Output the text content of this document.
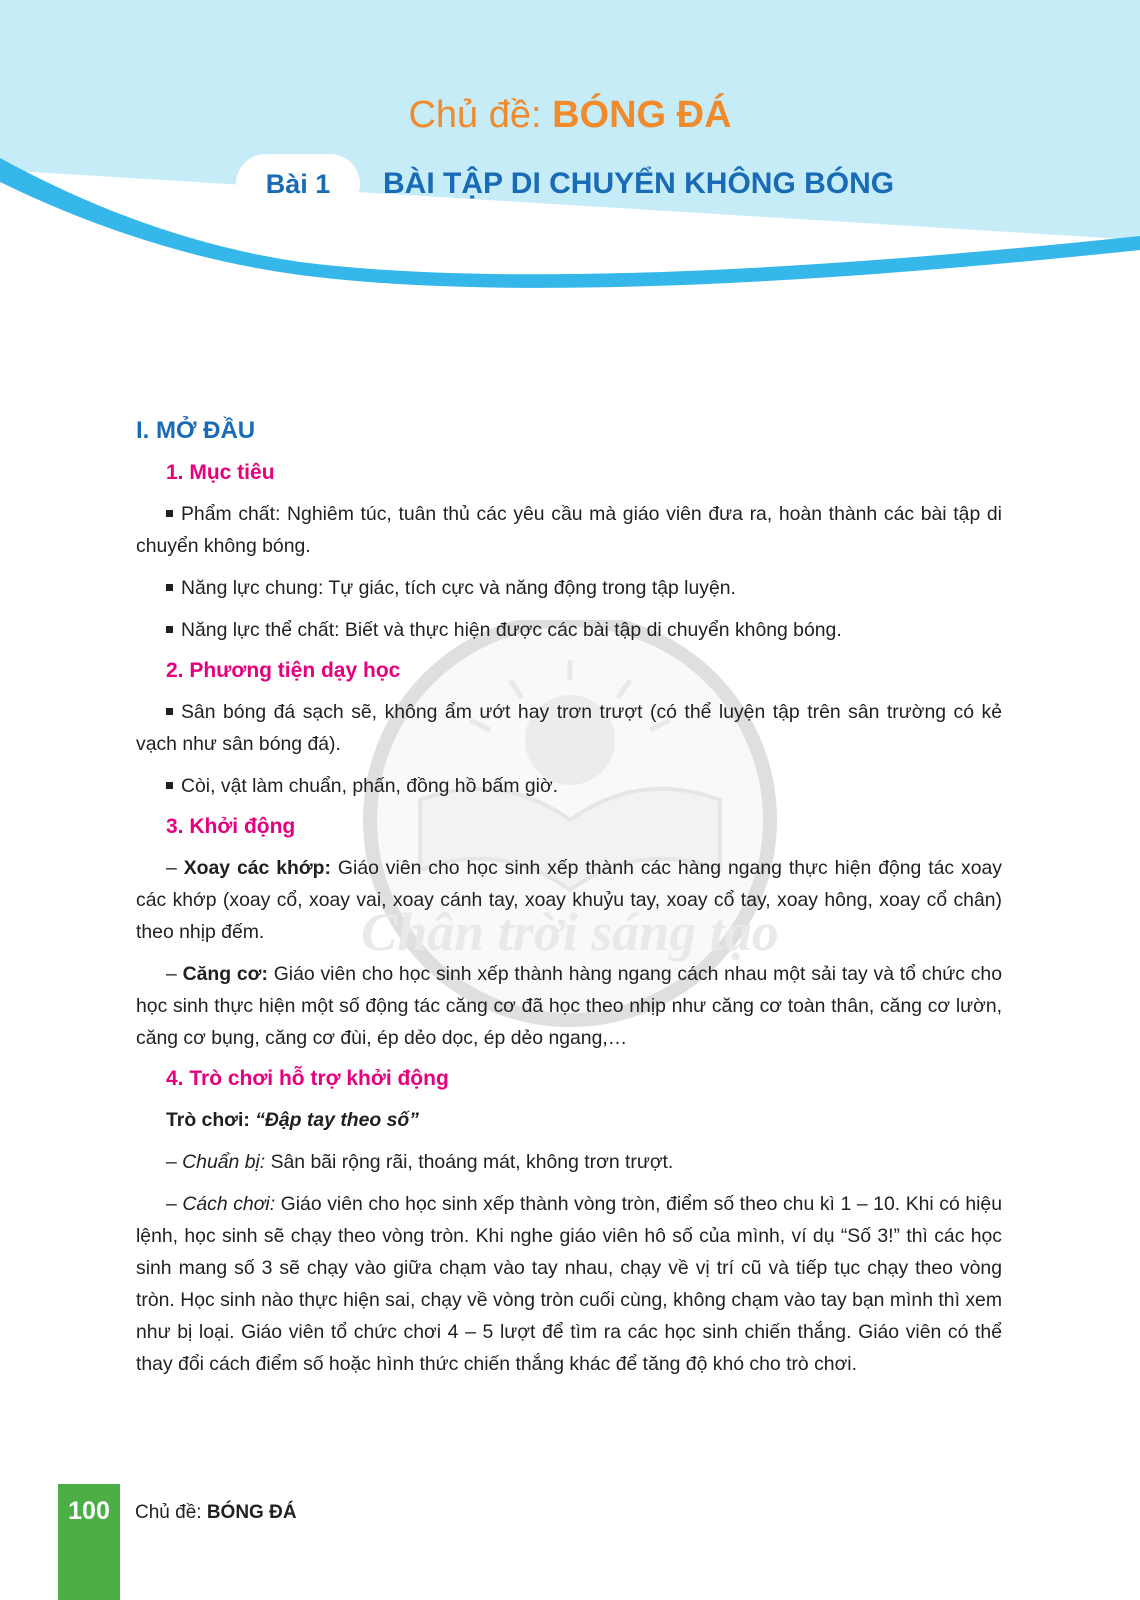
Chủ đề: BÓNG ĐÁ
Bài 1	BÀI TẬP DI CHUYỂN KHÔNG BÓNG
Chân trời sáng tạo
I. MỞ ĐẦU
1. Mục tiêu
Phẩm chất: Nghiêm túc, tuân thủ các yêu cầu mà giáo viên đưa ra, hoàn thành các bài tập di chuyển không bóng.
Năng lực chung: Tự giác, tích cực và năng động trong tập luyện.
Năng lực thể chất: Biết và thực hiện được các bài tập di chuyển không bóng.
2. Phương tiện dạy học
Sân bóng đá sạch sẽ, không ẩm ướt hay trơn trượt (có thể luyện tập trên sân trường có kẻ vạch như sân bóng đá).
Còi, vật làm chuẩn, phấn, đồng hồ bấm giờ.
3. Khởi động
– Xoay các khớp: Giáo viên cho học sinh xếp thành các hàng ngang thực hiện động tác xoay các khớp (xoay cổ, xoay vai, xoay cánh tay, xoay khuỷu tay, xoay cổ tay, xoay hông, xoay cổ chân) theo nhịp đếm.
– Căng cơ: Giáo viên cho học sinh xếp thành hàng ngang cách nhau một sải tay và tổ chức cho học sinh thực hiện một số động tác căng cơ đã học theo nhịp như căng cơ toàn thân, căng cơ lườn, căng cơ bụng, căng cơ đùi, ép dẻo dọc, ép dẻo ngang,…
4. Trò chơi hỗ trợ khởi động
Trò chơi: “Đập tay theo số”
– Chuẩn bị: Sân bãi rộng rãi, thoáng mát, không trơn trượt.
– Cách chơi: Giáo viên cho học sinh xếp thành vòng tròn, điểm số theo chu kì 1 – 10. Khi có hiệu lệnh, học sinh sẽ chạy theo vòng tròn. Khi nghe giáo viên hô số của mình, ví dụ “Số 3!” thì các học sinh mang số 3 sẽ chạy vào giữa chạm vào tay nhau, chạy về vị trí cũ và tiếp tục chạy theo vòng tròn. Học sinh nào thực hiện sai, chạy về vòng tròn cuối cùng, không chạm vào tay bạn mình thì xem như bị loại. Giáo viên tổ chức chơi 4 – 5 lượt để tìm ra các học sinh chiến thắng. Giáo viên có thể thay đổi cách điểm số hoặc hình thức chiến thắng khác để tăng độ khó cho trò chơi.
100	Chủ đề: BÓNG ĐÁ
